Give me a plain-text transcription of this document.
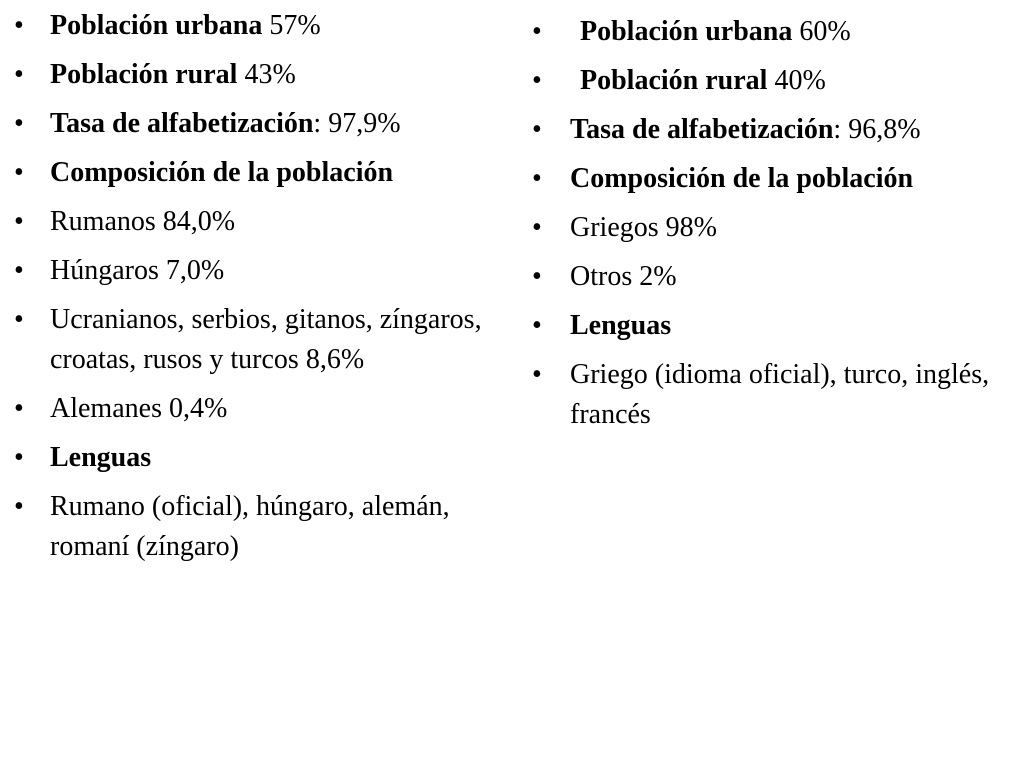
• Población urbana 57%
• Población rural 43%
• Tasa de alfabetización: 97,9%
• Composición de la población
• Rumanos 84,0%
• Húngaros 7,0%
• Ucranianos, serbios, gitanos, zíngaros, croatas, rusos y turcos 8,6%
• Alemanes 0,4%
• Lenguas
• Rumano (oficial), húngaro, alemán, romaní (zíngaro)
•	Población urbana 60%
•	Población rural 40%
•	Tasa de alfabetización: 96,8%
•	Composición de la población
•	Griegos 98%
•	Otros 2%
•	Lenguas
•	Griego (idioma oficial), turco, inglés, francés
